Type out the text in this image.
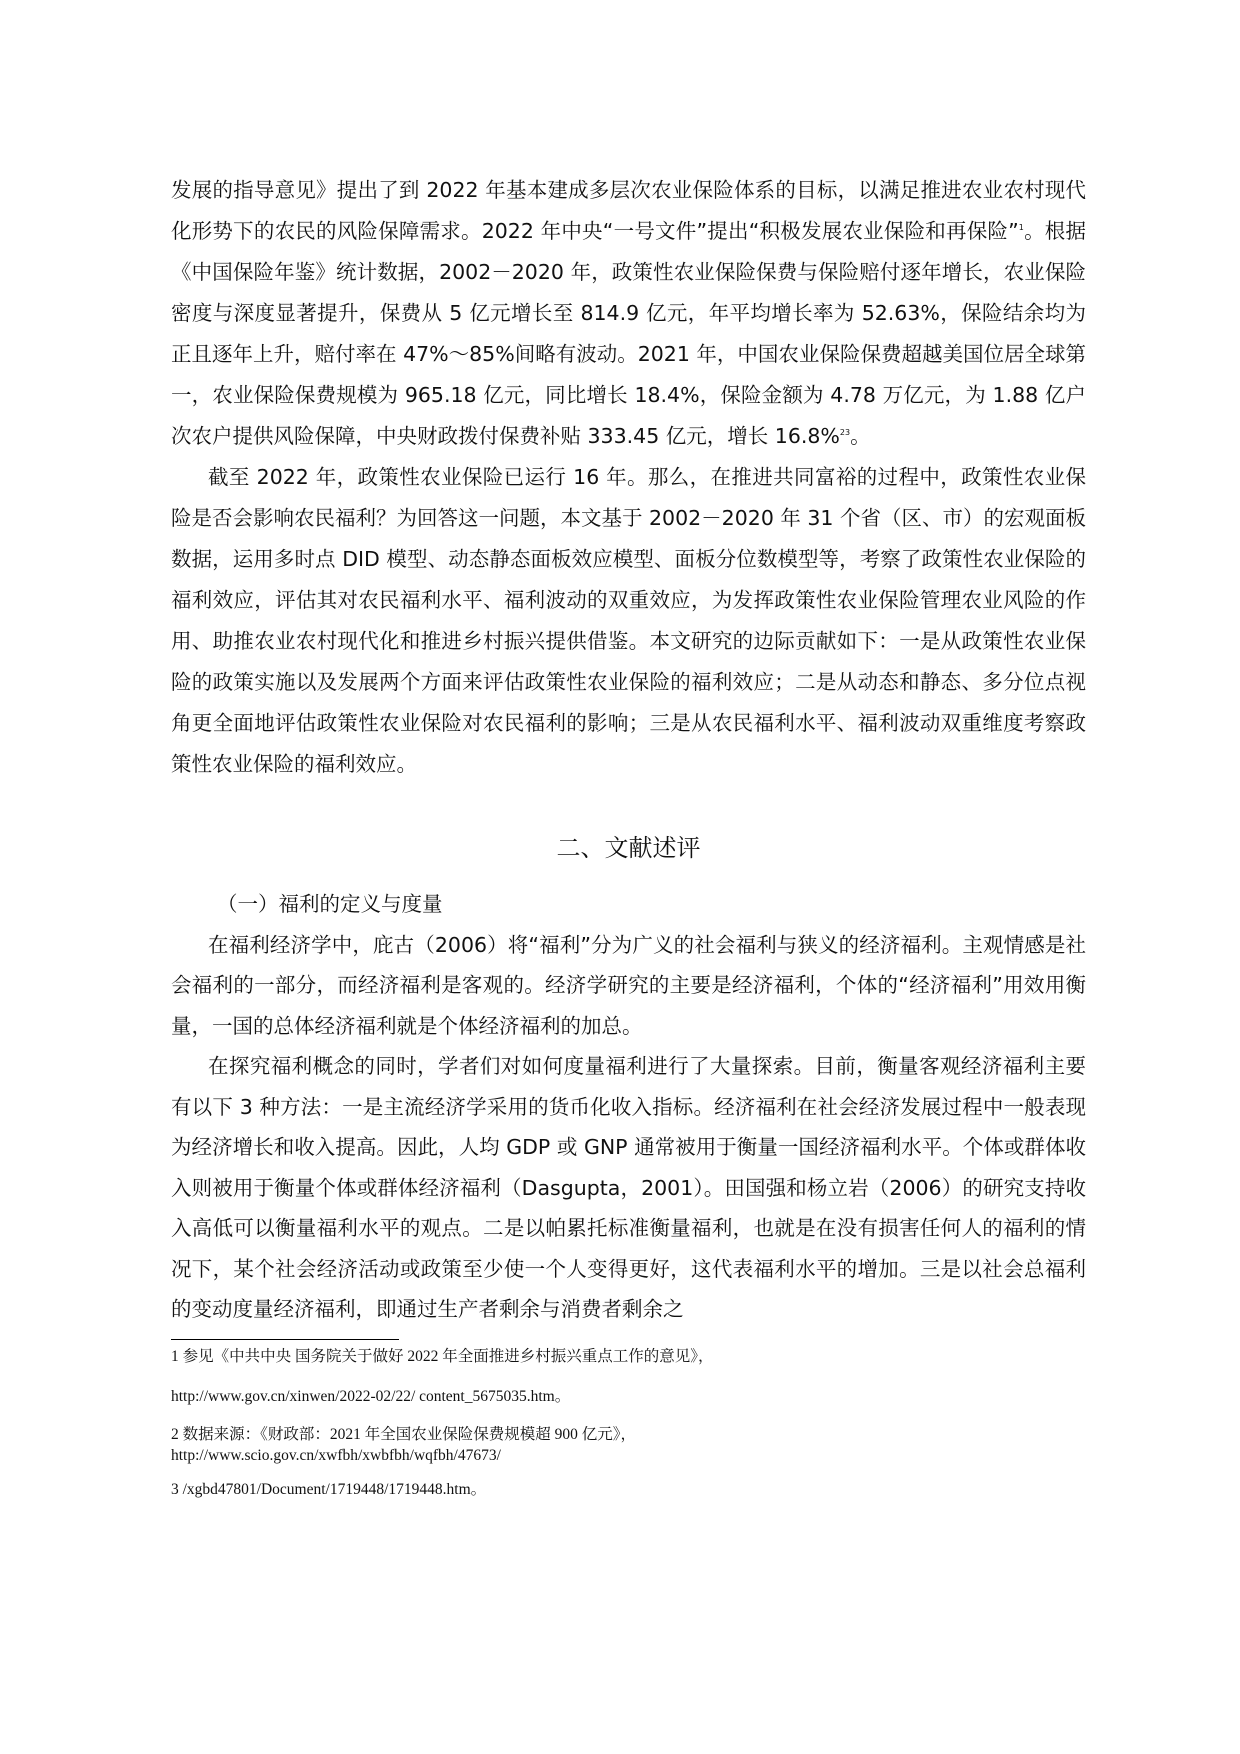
发展的指导意见》提出了到 2022 年基本建成多层次农业保险体系的目标，以满足推进农业农村现代化形势下的农民的风险保障需求。2022 年中央“一号文件”提出“积极发展农业保险和再保险”$^1$。根据《中国保险年鉴》统计数据，2002－2020 年，政策性农业保险保费与保险赔付逐年增长，农业保险密度与深度显著提升，保费从 5 亿元增长至 814.9 亿元，年平均增长率为 52.63%，保险结余均为正且逐年上升，赔付率在 47%～85%间略有波动。2021 年，中国农业保险保费超越美国位居全球第一，农业保险保费规模为 965.18 亿元，同比增长 18.4%，保险金额为 4.78 万亿元，为 1.88 亿户次农户提供风险保障，中央财政拨付保费补贴 333.45 亿元，增长 16.8%$^{23}$。

截至 2022 年，政策性农业保险已运行 16 年。那么，在推进共同富裕的过程中，政策性农业保险是否会影响农民福利？为回答这一问题，本文基于 2002－2020 年 31 个省（区、市）的宏观面板数据，运用多时点 DID 模型、动态静态面板效应模型、面板分位数模型等，考察了政策性农业保险的福利效应，评估其对农民福利水平、福利波动的双重效应，为发挥政策性农业保险管理农业风险的作用、助推农业农村现代化和推进乡村振兴提供借鉴。本文研究的边际贡献如下：一是从政策性农业保险的政策实施以及发展两个方面来评估政策性农业保险的福利效应；二是从动态和静态、多分位点视角更全面地评估政策性农业保险对农民福利的影响；三是从农民福利水平、福利波动双重维度考察政策性农业保险的福利效应。

二、文献述评

（一）福利的定义与度量

在福利经济学中，庇古（2006）将“福利”分为广义的社会福利与狭义的经济福利。主观情感是社会福利的一部分，而经济福利是客观的。经济学研究的主要是经济福利，个体的“经济福利”用效用衡量，一国的总体经济福利就是个体经济福利的加总。

在探究福利概念的同时，学者们对如何度量福利进行了大量探索。目前，衡量客观经济福利主要有以下 3 种方法：一是主流经济学采用的货币化收入指标。经济福利在社会经济发展过程中一般表现为经济增长和收入提高。因此，人均 GDP 或 GNP 通常被用于衡量一国经济福利水平。个体或群体收入则被用于衡量个体或群体经济福利（Dasgupta，2001）。田国强和杨立岩（2006）的研究支持收入高低可以衡量福利水平的观点。二是以帕累托标准衡量福利，也就是在没有损害任何人的福利的情况下，某个社会经济活动或政策至少使一个人变得更好，这代表福利水平的增加。三是以社会总福利的变动度量经济福利，即通过生产者剩余与消费者剩余之

1 参见《中共中央 国务院关于做好 2022 年全面推进乡村振兴重点工作的意见》，

http://www.gov.cn/xinwen/2022-02/22/ content_5675035.htm。

2 数据来源：《财政部：2021 年全国农业保险保费规模超 900 亿元》，

http://www.scio.gov.cn/xwfbh/xwbfbh/wqfbh/47673/

3 /xgbd47801/Document/1719448/1719448.htm。
